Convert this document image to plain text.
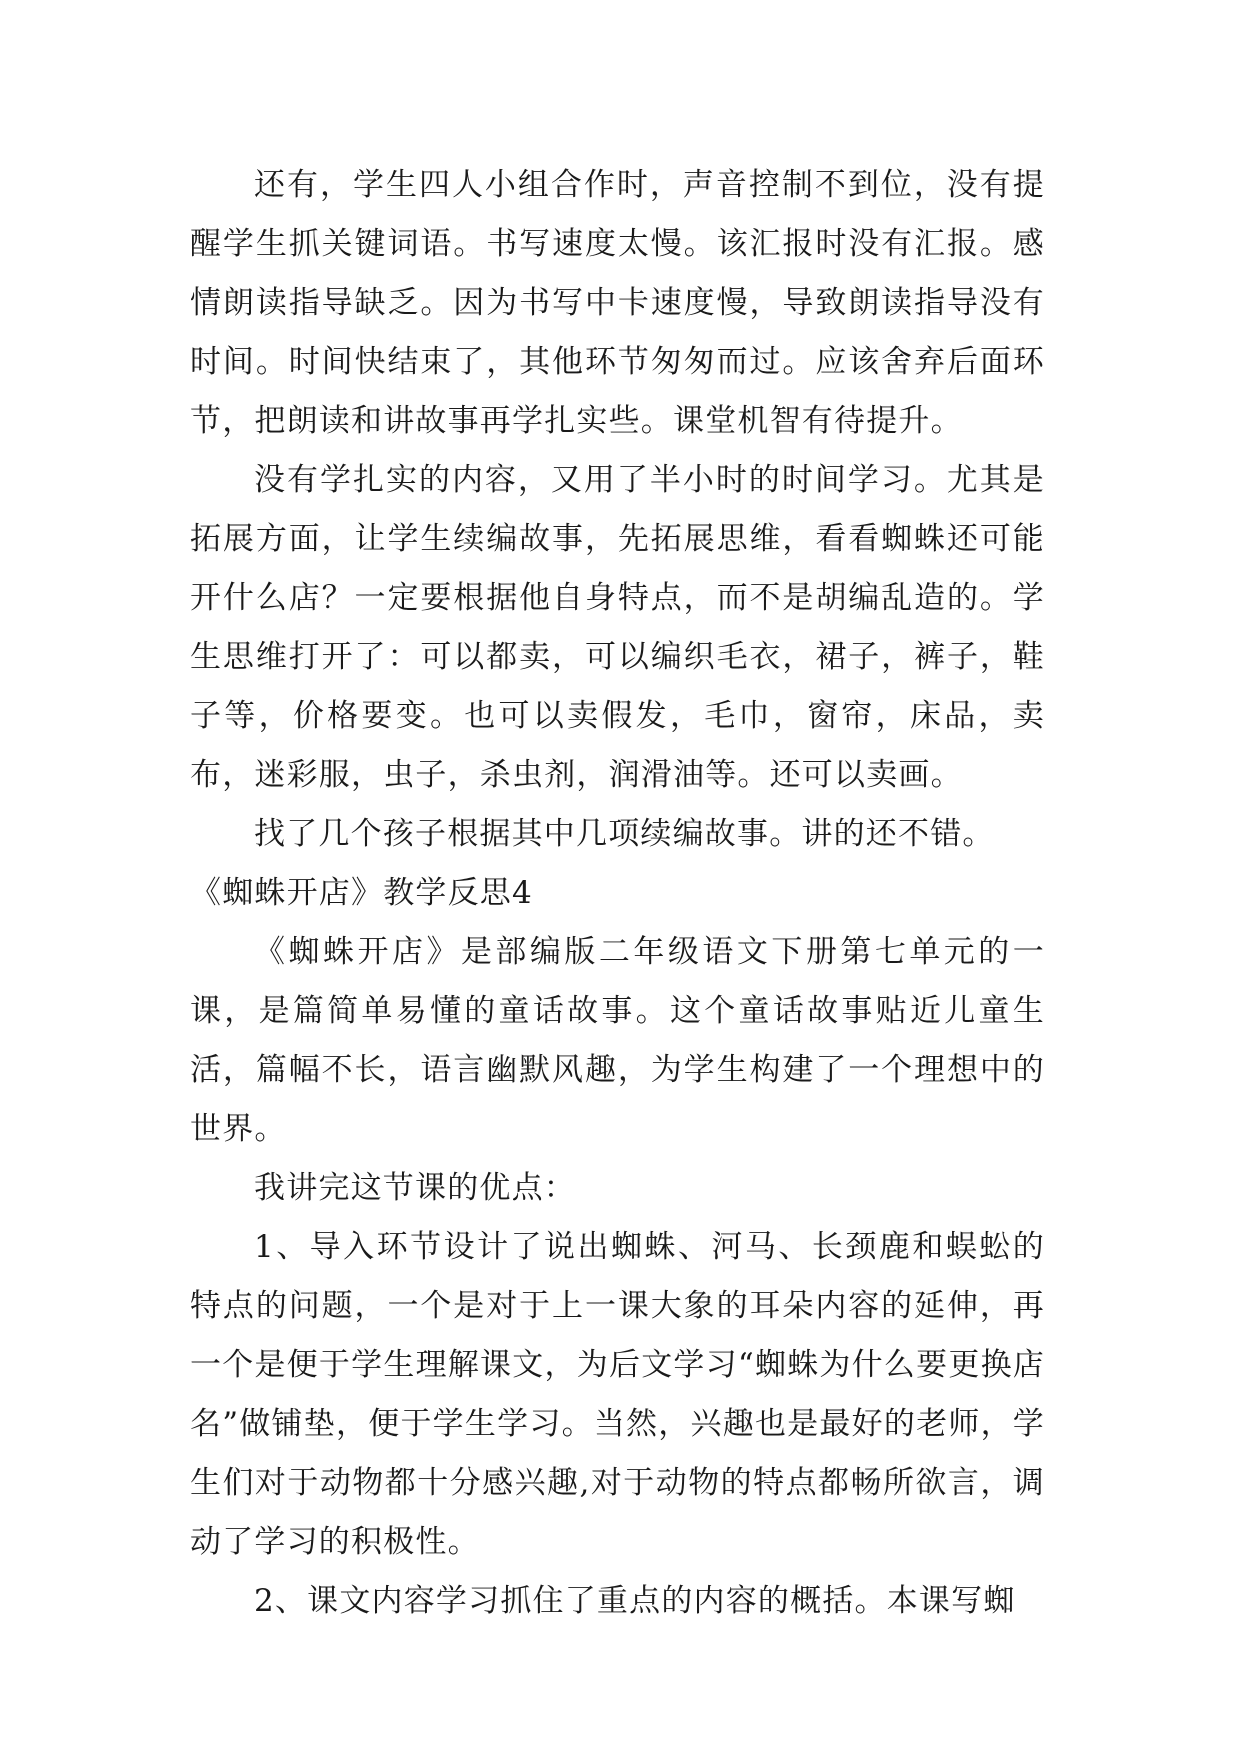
还有，学生四人小组合作时，声音控制不到位，没有提醒学生抓关键词语。书写速度太慢。该汇报时没有汇报。感情朗读指导缺乏。因为书写中卡速度慢，导致朗读指导没有时间。时间快结束了，其他环节匆匆而过。应该舍弃后面环节，把朗读和讲故事再学扎实些。课堂机智有待提升。

没有学扎实的内容，又用了半小时的时间学习。尤其是拓展方面，让学生续编故事，先拓展思维，看看蜘蛛还可能开什么店？一定要根据他自身特点，而不是胡编乱造的。学生思维打开了：可以都卖，可以编织毛衣，裙子，裤子，鞋子等，价格要变。也可以卖假发，毛巾，窗帘，床品，卖布，迷彩服，虫子，杀虫剂，润滑油等。还可以卖画。

找了几个孩子根据其中几项续编故事。讲的还不错。

《蜘蛛开店》教学反思4

《蜘蛛开店》是部编版二年级语文下册第七单元的一课，是篇简单易懂的童话故事。这个童话故事贴近儿童生活，篇幅不长，语言幽默风趣，为学生构建了一个理想中的世界。

我讲完这节课的优点：

1、导入环节设计了说出蜘蛛、河马、长颈鹿和蜈蚣的特点的问题，一个是对于上一课大象的耳朵内容的延伸，再一个是便于学生理解课文，为后文学习“蜘蛛为什么要更换店名”做铺垫，便于学生学习。当然，兴趣也是最好的老师，学生们对于动物都十分感兴趣,对于动物的特点都畅所欲言，调动了学习的积极性。

2、课文内容学习抓住了重点的内容的概括。本课写蜘
